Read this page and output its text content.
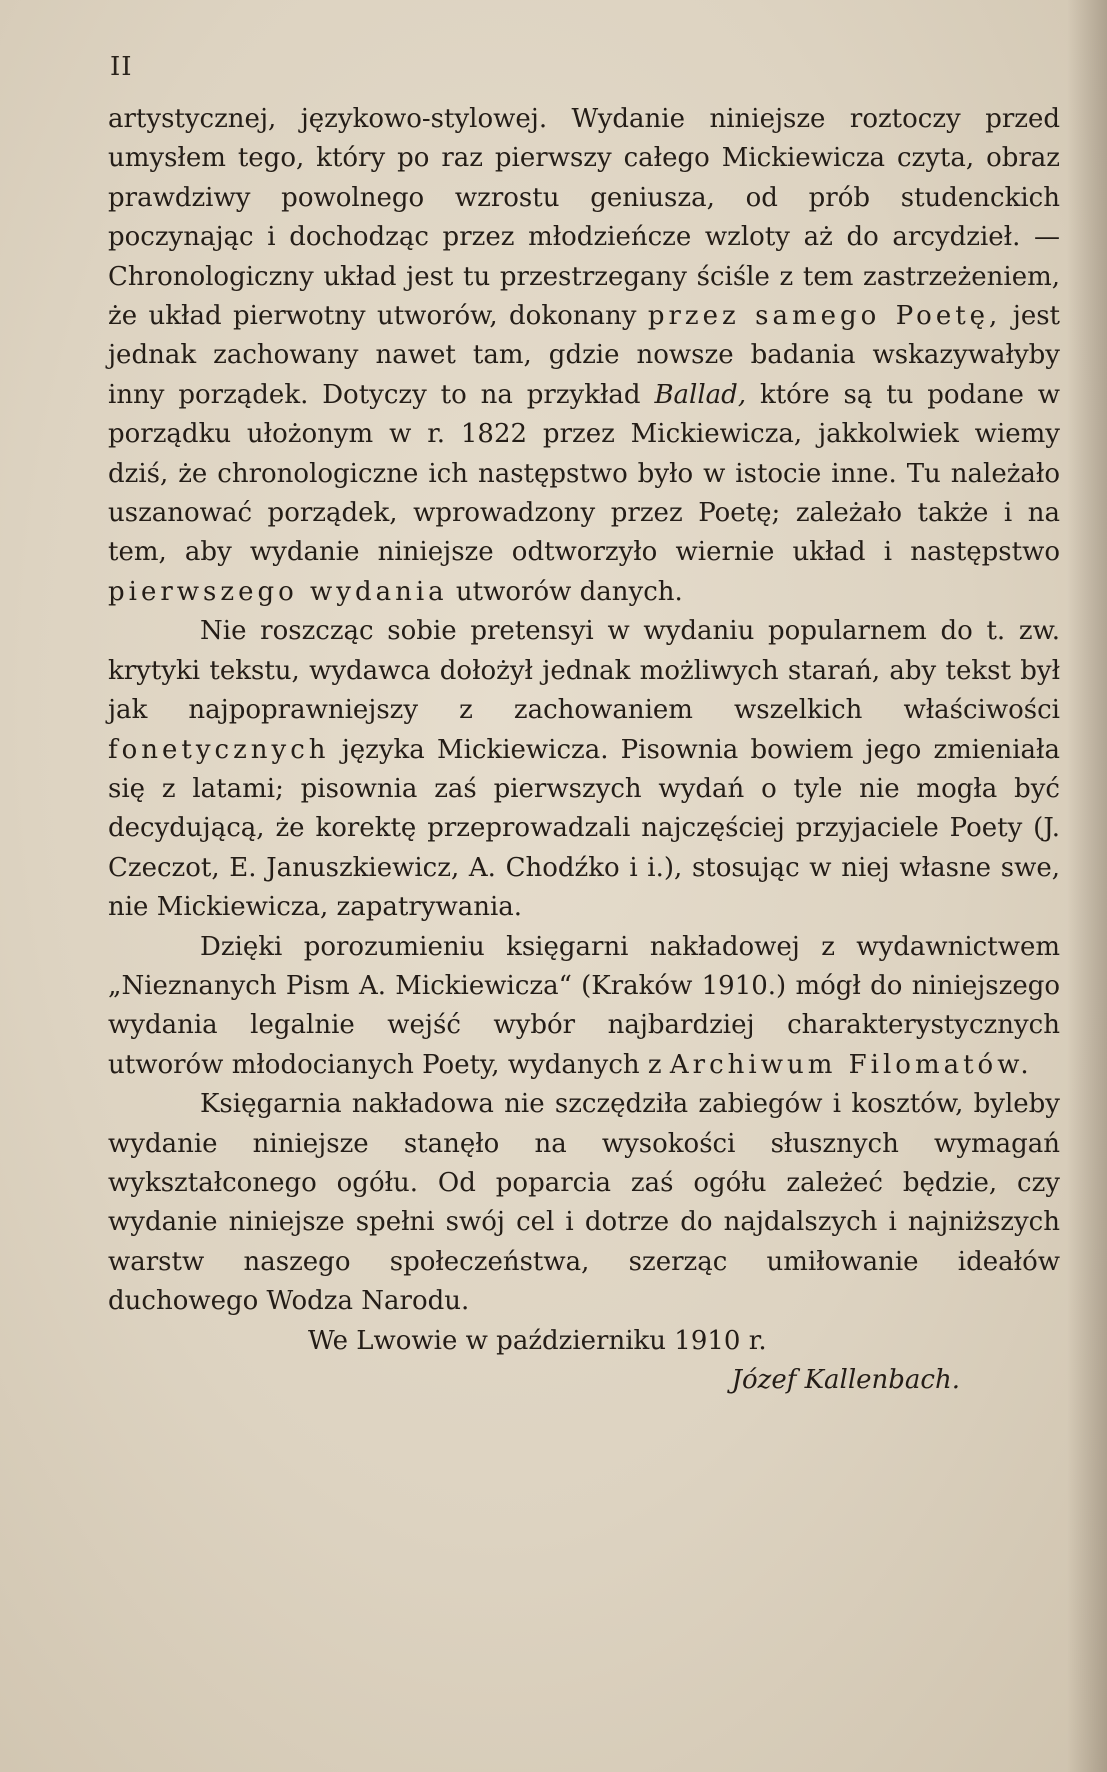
II

artystycznej, językowo-stylowej. Wydanie niniejsze roztoczy przed umysłem tego, który po raz pierwszy całego Mickiewicza czyta, obraz prawdziwy powolnego wzrostu geniusza, od prób studenckich poczynając i dochodząc przez młodzieńcze wzloty aż do arcydzieł. — Chronologiczny układ jest tu przestrzegany ściśle z tem zastrzeżeniem, że układ pierwotny utworów, dokonany przez samego Poetę, jest jednak zachowany nawet tam, gdzie nowsze badania wskazywałyby inny porządek. Dotyczy to na przykład Ballad, które są tu podane w porządku ułożonym w r. 1822 przez Mickiewicza, jakkolwiek wiemy dziś, że chronologiczne ich następstwo było w istocie inne. Tu należało uszanować porządek, wprowadzony przez Poetę; zależało także i na tem, aby wydanie niniejsze odtworzyło wiernie układ i następstwo pierwszego wydania utworów danych.

Nie roszcząc sobie pretensyi w wydaniu popularnem do t. zw. krytyki tekstu, wydawca dołożył jednak możliwych starań, aby tekst był jak najpoprawniejszy z zachowaniem wszelkich właściwości fonetycznych języka Mickiewicza. Pisownia bowiem jego zmieniała się z latami; pisownia zaś pierwszych wydań o tyle nie mogła być decydującą, że korektę przeprowadzali najczęściej przyjaciele Poety (J. Czeczot, E. Januszkiewicz, A. Chodźko i i.), stosując w niej własne swe, nie Mickiewicza, zapatrywania.

Dzięki porozumieniu księgarni nakładowej z wydawnictwem „Nieznanych Pism A. Mickiewicza“ (Kraków 1910.) mógł do niniejszego wydania legalnie wejść wybór najbardziej charakterystycznych utworów młodocianych Poety, wydanych z Archiwum Filomatów.

Księgarnia nakładowa nie szczędziła zabiegów i kosztów, byleby wydanie niniejsze stanęło na wysokości słusznych wymagań wykształconego ogółu. Od poparcia zaś ogółu zależeć będzie, czy wydanie niniejsze spełni swój cel i dotrze do najdalszych i najniższych warstw naszego społeczeństwa, szerząc umiłowanie ideałów duchowego Wodza Narodu.

We Lwowie w październiku 1910 r.

Józef Kallenbach.
